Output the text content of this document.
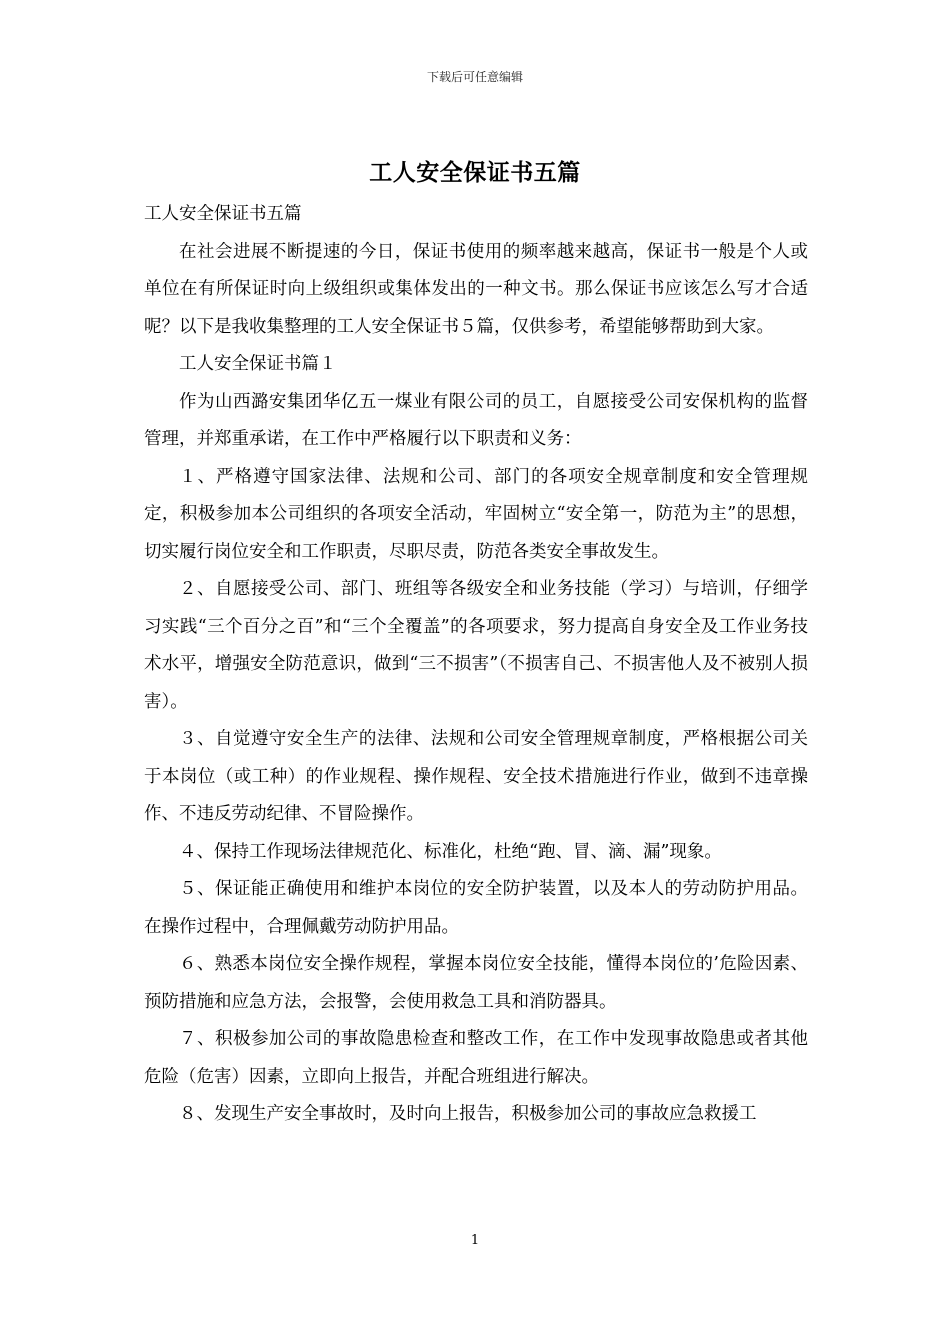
下载后可任意编辑
工人安全保证书五篇

工人安全保证书五篇

在社会进展不断提速的今日，保证书使用的频率越来越高，保证书一般是个人或单位在有所保证时向上级组织或集体发出的一种文书。那么保证书应该怎么写才合适呢？以下是我收集整理的工人安全保证书５篇，仅供参考，希望能够帮助到大家。

工人安全保证书篇１

作为山西潞安集团华亿五一煤业有限公司的员工，自愿接受公司安保机构的监督管理，并郑重承诺，在工作中严格履行以下职责和义务：

１、严格遵守国家法律、法规和公司、部门的各项安全规章制度和安全管理规定，积极参加本公司组织的各项安全活动，牢固树立“安全第一，防范为主”的思想，切实履行岗位安全和工作职责，尽职尽责，防范各类安全事故发生。

２、自愿接受公司、部门、班组等各级安全和业务技能（学习）与培训，仔细学习实践“三个百分之百”和“三个全覆盖”的各项要求，努力提高自身安全及工作业务技术水平，增强安全防范意识，做到“三不损害”（不损害自己、不损害他人及不被别人损害）。

３、自觉遵守安全生产的法律、法规和公司安全管理规章制度，严格根据公司关于本岗位（或工种）的作业规程、操作规程、安全技术措施进行作业，做到不违章操作、不违反劳动纪律、不冒险操作。

４、保持工作现场法律规范化、标准化，杜绝“跑、冒、滴、漏”现象。

５、保证能正确使用和维护本岗位的安全防护装置，以及本人的劳动防护用品。在操作过程中，合理佩戴劳动防护用品。

６、熟悉本岗位安全操作规程，掌握本岗位安全技能，懂得本岗位的’危险因素、预防措施和应急方法，会报警，会使用救急工具和消防器具。

７、积极参加公司的事故隐患检查和整改工作，在工作中发现事故隐患或者其他危险（危害）因素，立即向上报告，并配合班组进行解决。

８、发现生产安全事故时，及时向上报告，积极参加公司的事故应急救援工

1
